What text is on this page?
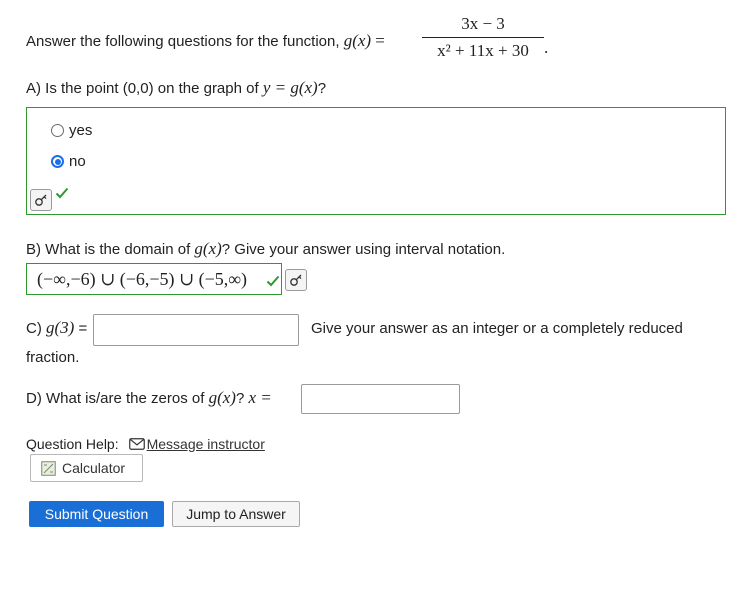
Answer the following questions for the function, g(x) =
3x − 3
x² + 11x + 30 .
A) Is the point (0,0) on the graph of y = g(x)?
yes
no
B) What is the domain of g(x)? Give your answer using interval notation.
(−∞,−6) ∪ (−6,−5) ∪ (−5,∞)
C) g(3) =	Give your answer as an integer or a completely reduced
fraction.
D) What is/are the zeros of g(x)? x =
Question Help: Message instructor
Calculator
Submit Question	Jump to Answer
